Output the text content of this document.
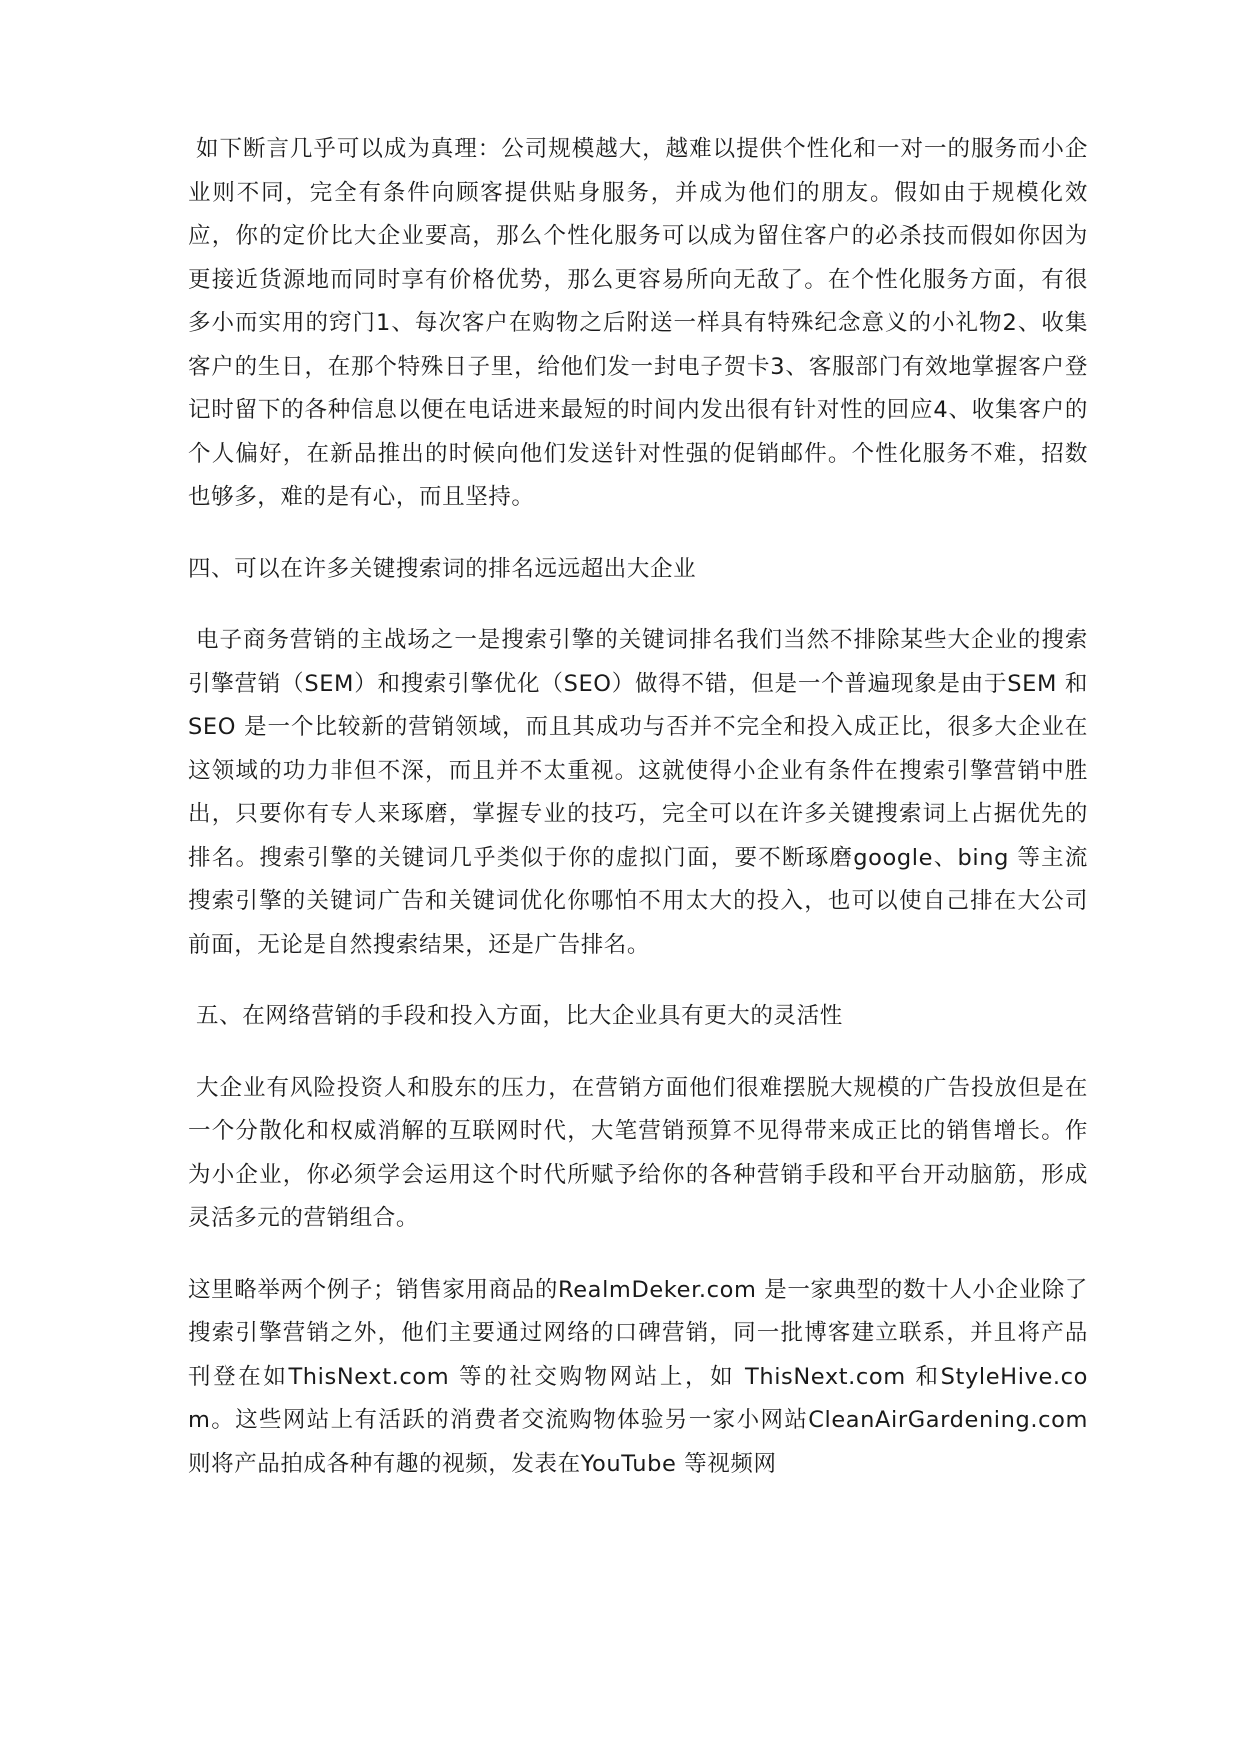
如下断言几乎可以成为真理：公司规模越大，越难以提供个性化和一对一的服务而小企业则不同，完全有条件向顾客提供贴身服务，并成为他们的朋友。假如由于规模化效应，你的定价比大企业要高，那么个性化服务可以成为留住客户的必杀技而假如你因为更接近货源地而同时享有价格优势，那么更容易所向无敌了。在个性化服务方面，有很多小而实用的窍门1、每次客户在购物之后附送一样具有特殊纪念意义的小礼物2、收集客户的生日，在那个特殊日子里，给他们发一封电子贺卡3、客服部门有效地掌握客户登记时留下的各种信息以便在电话进来最短的时间内发出很有针对性的回应4、收集客户的个人偏好，在新品推出的时候向他们发送针对性强的促销邮件。个性化服务不难，招数也够多，难的是有心，而且坚持。

四、可以在许多关键搜索词的排名远远超出大企业

电子商务营销的主战场之一是搜索引擎的关键词排名我们当然不排除某些大企业的搜索引擎营销（SEM）和搜索引擎优化（SEO）做得不错，但是一个普遍现象是由于SEM 和SEO 是一个比较新的营销领域，而且其成功与否并不完全和投入成正比，很多大企业在这领域的功力非但不深，而且并不太重视。这就使得小企业有条件在搜索引擎营销中胜出，只要你有专人来琢磨，掌握专业的技巧，完全可以在许多关键搜索词上占据优先的排名。搜索引擎的关键词几乎类似于你的虚拟门面，要不断琢磨google、bing 等主流搜索引擎的关键词广告和关键词优化你哪怕不用太大的投入，也可以使自己排在大公司前面，无论是自然搜索结果，还是广告排名。

五、在网络营销的手段和投入方面，比大企业具有更大的灵活性

大企业有风险投资人和股东的压力，在营销方面他们很难摆脱大规模的广告投放但是在一个分散化和权威消解的互联网时代，大笔营销预算不见得带来成正比的销售增长。作为小企业，你必须学会运用这个时代所赋予给你的各种营销手段和平台开动脑筋，形成灵活多元的营销组合。

这里略举两个例子；销售家用商品的RealmDeker.com 是一家典型的数十人小企业除了搜索引擎营销之外，他们主要通过网络的口碑营销，同一批博客建立联系，并且将产品刊登在如ThisNext.com 等的社交购物网站上，如 ThisNext.com 和StyleHive.com。这些网站上有活跃的消费者交流购物体验另一家小网站CleanAirGardening.com 则将产品拍成各种有趣的视频，发表在YouTube 等视频网
